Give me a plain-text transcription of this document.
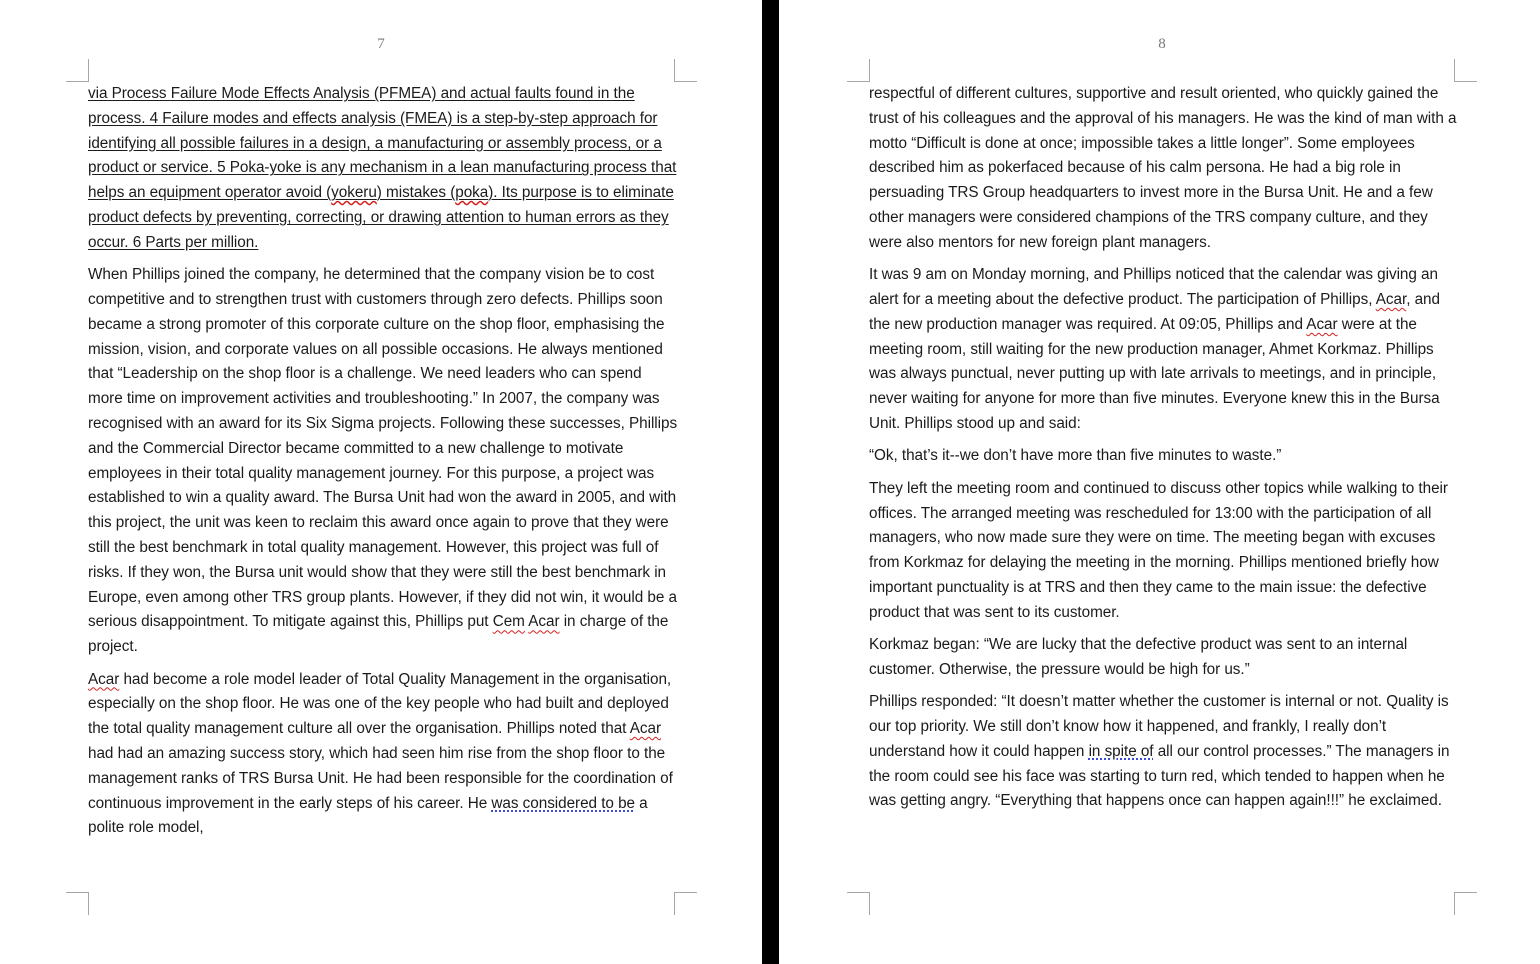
7

via Process Failure Mode Effects Analysis (PFMEA) and actual faults found in the process. 4 Failure modes and effects analysis (FMEA) is a step-by-step approach for identifying all possible failures in a design, a manufacturing or assembly process, or a product or service. 5 Poka-yoke is any mechanism in a lean manufacturing process that helps an equipment operator avoid (yokeru) mistakes (poka). Its purpose is to eliminate product defects by preventing, correcting, or drawing attention to human errors as they occur. 6 Parts per million.

When Phillips joined the company, he determined that the company vision be to cost competitive and to strengthen trust with customers through zero defects. Phillips soon became a strong promoter of this corporate culture on the shop floor, emphasising the mission, vision, and corporate values on all possible occasions. He always mentioned that “Leadership on the shop floor is a challenge. We need leaders who can spend more time on improvement activities and troubleshooting.” In 2007, the company was recognised with an award for its Six Sigma projects. Following these successes, Phillips and the Commercial Director became committed to a new challenge to motivate employees in their total quality management journey. For this purpose, a project was established to win a quality award. The Bursa Unit had won the award in 2005, and with this project, the unit was keen to reclaim this award once again to prove that they were still the best benchmark in total quality management. However, this project was full of risks. If they won, the Bursa unit would show that they were still the best benchmark in Europe, even among other TRS group plants. However, if they did not win, it would be a serious disappointment. To mitigate against this, Phillips put Cem Acar in charge of the project.

Acar had become a role model leader of Total Quality Management in the organisation, especially on the shop floor. He was one of the key people who had built and deployed the total quality management culture all over the organisation. Phillips noted that Acar had had an amazing success story, which had seen him rise from the shop floor to the management ranks of TRS Bursa Unit. He had been responsible for the coordination of continuous improvement in the early steps of his career. He was considered to be a polite role model,

8

respectful of different cultures, supportive and result oriented, who quickly gained the trust of his colleagues and the approval of his managers. He was the kind of man with a motto “Difficult is done at once; impossible takes a little longer”. Some employees described him as pokerfaced because of his calm persona. He had a big role in persuading TRS Group headquarters to invest more in the Bursa Unit. He and a few other managers were considered champions of the TRS company culture, and they were also mentors for new foreign plant managers.

It was 9 am on Monday morning, and Phillips noticed that the calendar was giving an alert for a meeting about the defective product. The participation of Phillips, Acar, and the new production manager was required. At 09:05, Phillips and Acar were at the meeting room, still waiting for the new production manager, Ahmet Korkmaz. Phillips was always punctual, never putting up with late arrivals to meetings, and in principle, never waiting for anyone for more than five minutes. Everyone knew this in the Bursa Unit. Phillips stood up and said:

“Ok, that’s it--we don’t have more than five minutes to waste.”

They left the meeting room and continued to discuss other topics while walking to their offices. The arranged meeting was rescheduled for 13:00 with the participation of all managers, who now made sure they were on time. The meeting began with excuses from Korkmaz for delaying the meeting in the morning. Phillips mentioned briefly how important punctuality is at TRS and then they came to the main issue: the defective product that was sent to its customer.

Korkmaz began: “We are lucky that the defective product was sent to an internal customer. Otherwise, the pressure would be high for us.”

Phillips responded: “It doesn’t matter whether the customer is internal or not. Quality is our top priority. We still don’t know how it happened, and frankly, I really don’t understand how it could happen in spite of all our control processes.” The managers in the room could see his face was starting to turn red, which tended to happen when he was getting angry. “Everything that happens once can happen again!!!” he exclaimed.
